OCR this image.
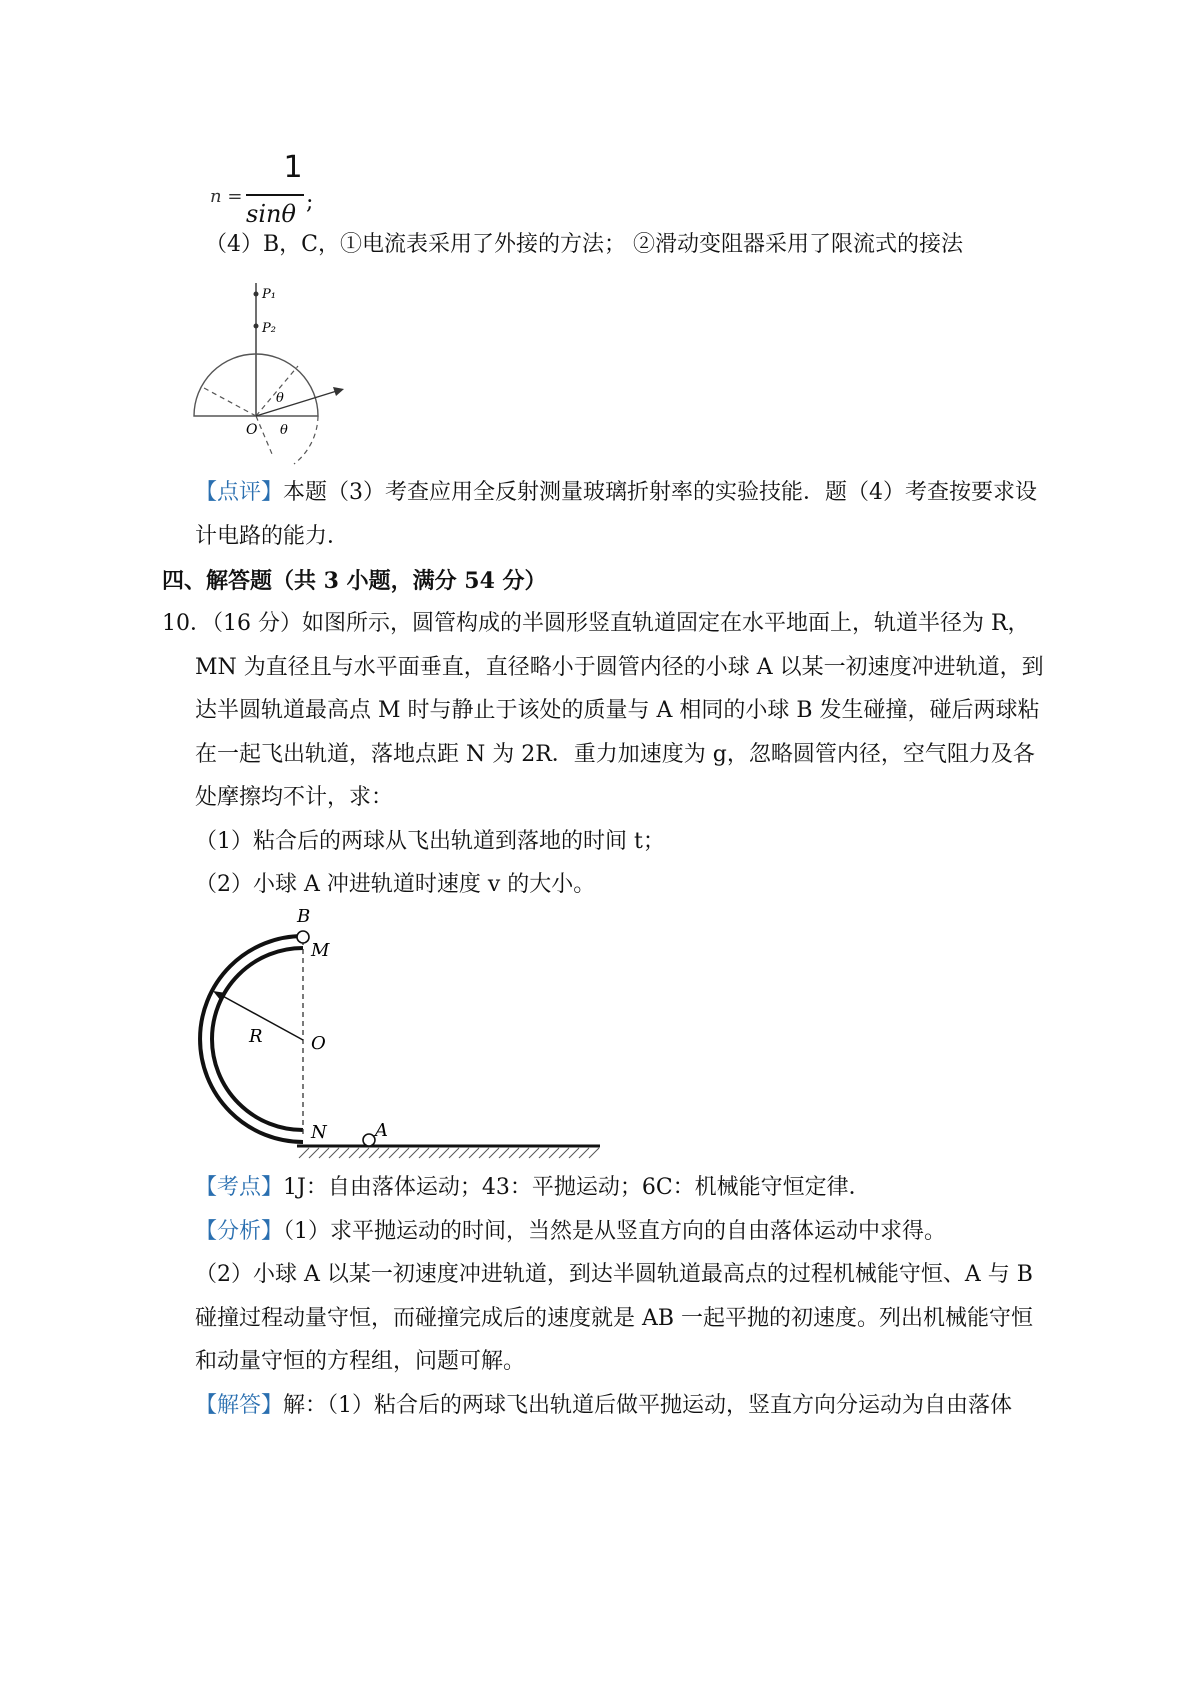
n =
1
sinθ ;
（4）B，C，①电流表采用了外接的方法； ②滑动变阻器采用了限流式的接法
P₁
P₂
θ
O θ
【点评】本题（3）考查应用全反射测量玻璃折射率的实验技能．题（4）考查按要求设
计电路的能力．
四、解答题（共 3 小题，满分 54 分）
10．（16 分）如图所示，圆管构成的半圆形竖直轨道固定在水平地面上，轨道半径为 R，
MN 为直径且与水平面垂直，直径略小于圆管内径的小球 A 以某一初速度冲进轨道，到
达半圆轨道最高点 M 时与静止于该处的质量与 A 相同的小球 B 发生碰撞，碰后两球粘
在一起飞出轨道，落地点距 N 为 2R．重力加速度为 g，忽略圆管内径，空气阻力及各
处摩擦均不计，求：
（1）粘合后的两球从飞出轨道到落地的时间 t；
（2）小球 A 冲进轨道时速度 v 的大小。
B
M
R	O
N	A
【考点】1J：自由落体运动；43：平抛运动；6C：机械能守恒定律．
【分析】（1）求平抛运动的时间，当然是从竖直方向的自由落体运动中求得。
（2）小球 A 以某一初速度冲进轨道，到达半圆轨道最高点的过程机械能守恒、A 与 B
碰撞过程动量守恒，而碰撞完成后的速度就是 AB 一起平抛的初速度。列出机械能守恒
和动量守恒的方程组，问题可解。
【解答】解：（1）粘合后的两球飞出轨道后做平抛运动，竖直方向分运动为自由落体
